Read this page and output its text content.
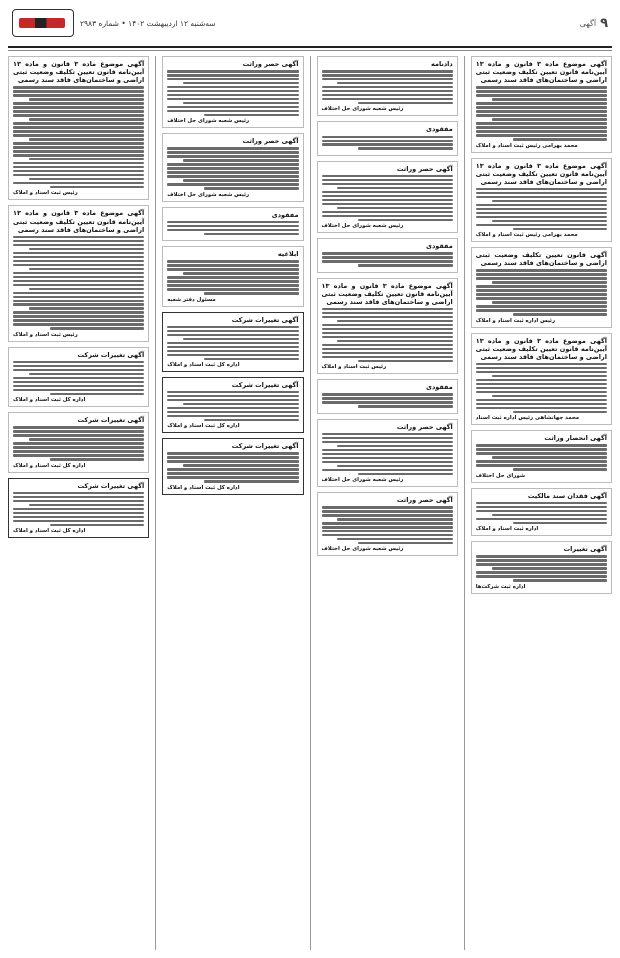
سه‌شنبه ۱۲ اردیبهشت ۱۴۰۲ • شماره ۲۹۸۳	آگهی ۹
آگهی موضوع ماده ۳ قانون و ماده ۱۳ آیین‌نامه قانون تعیین تکلیف وضعیت ثبتی اراضی و ساختمان‌های فاقد سند رسمی
محمد بهرامی رئیس ثبت اسناد و املاک
آگهی موضوع ماده ۳ قانون و ماده ۱۳ آیین‌نامه قانون تعیین تکلیف وضعیت ثبتی اراضی و ساختمان‌های فاقد سند رسمی
محمد بهرامی رئیس ثبت اسناد و املاک
آگهی قانون تعیین تکلیف وضعیت ثبتی اراضی و ساختمان‌های فاقد سند رسمی
رئیس اداره ثبت اسناد و املاک
آگهی موضوع ماده ۳ قانون و ماده ۱۳ آیین‌نامه قانون تعیین تکلیف وضعیت ثبتی اراضی و ساختمان‌های فاقد سند رسمی
محمد جهانشاهی رئیس اداره ثبت اسناد
آگهی انحصار وراثت
شورای حل اختلاف
آگهی فقدان سند مالکیت
اداره ثبت اسناد و املاک
آگهی تغییرات
اداره ثبت شرکت‌ها
دادنامه
رئیس شعبه شورای حل اختلاف
مفقودی
آگهی حصر وراثت
رئیس شعبه شورای حل اختلاف
مفقودی
آگهی موضوع ماده ۳ قانون و ماده ۱۳ آیین‌نامه قانون تعیین تکلیف وضعیت ثبتی اراضی و ساختمان‌های فاقد سند رسمی
رئیس ثبت اسناد و املاک
مفقودی
آگهی حصر وراثت
رئیس شعبه شورای حل اختلاف
آگهی حصر وراثت
رئیس شعبه شورای حل اختلاف
آگهی حصر وراثت
رئیس شعبه شورای حل اختلاف
آگهی حصر وراثت
رئیس شعبه شورای حل اختلاف
مفقودی
ابلاغیه
مسئول دفتر شعبه
آگهی تغییرات شرکت
اداره کل ثبت اسناد و املاک
آگهی تغییرات شرکت
اداره کل ثبت اسناد و املاک
آگهی تغییرات شرکت
اداره کل ثبت اسناد و املاک
آگهی موضوع ماده ۳ قانون و ماده ۱۳ آیین‌نامه قانون تعیین تکلیف وضعیت ثبتی اراضی و ساختمان‌های فاقد سند رسمی
رئیس ثبت اسناد و املاک
آگهی موضوع ماده ۳ قانون و ماده ۱۳ آیین‌نامه قانون تعیین تکلیف وضعیت ثبتی اراضی و ساختمان‌های فاقد سند رسمی
رئیس ثبت اسناد و املاک
آگهی تغییرات شرکت
اداره کل ثبت اسناد و املاک
آگهی تغییرات شرکت
اداره کل ثبت اسناد و املاک
آگهی تغییرات شرکت
اداره کل ثبت اسناد و املاک
